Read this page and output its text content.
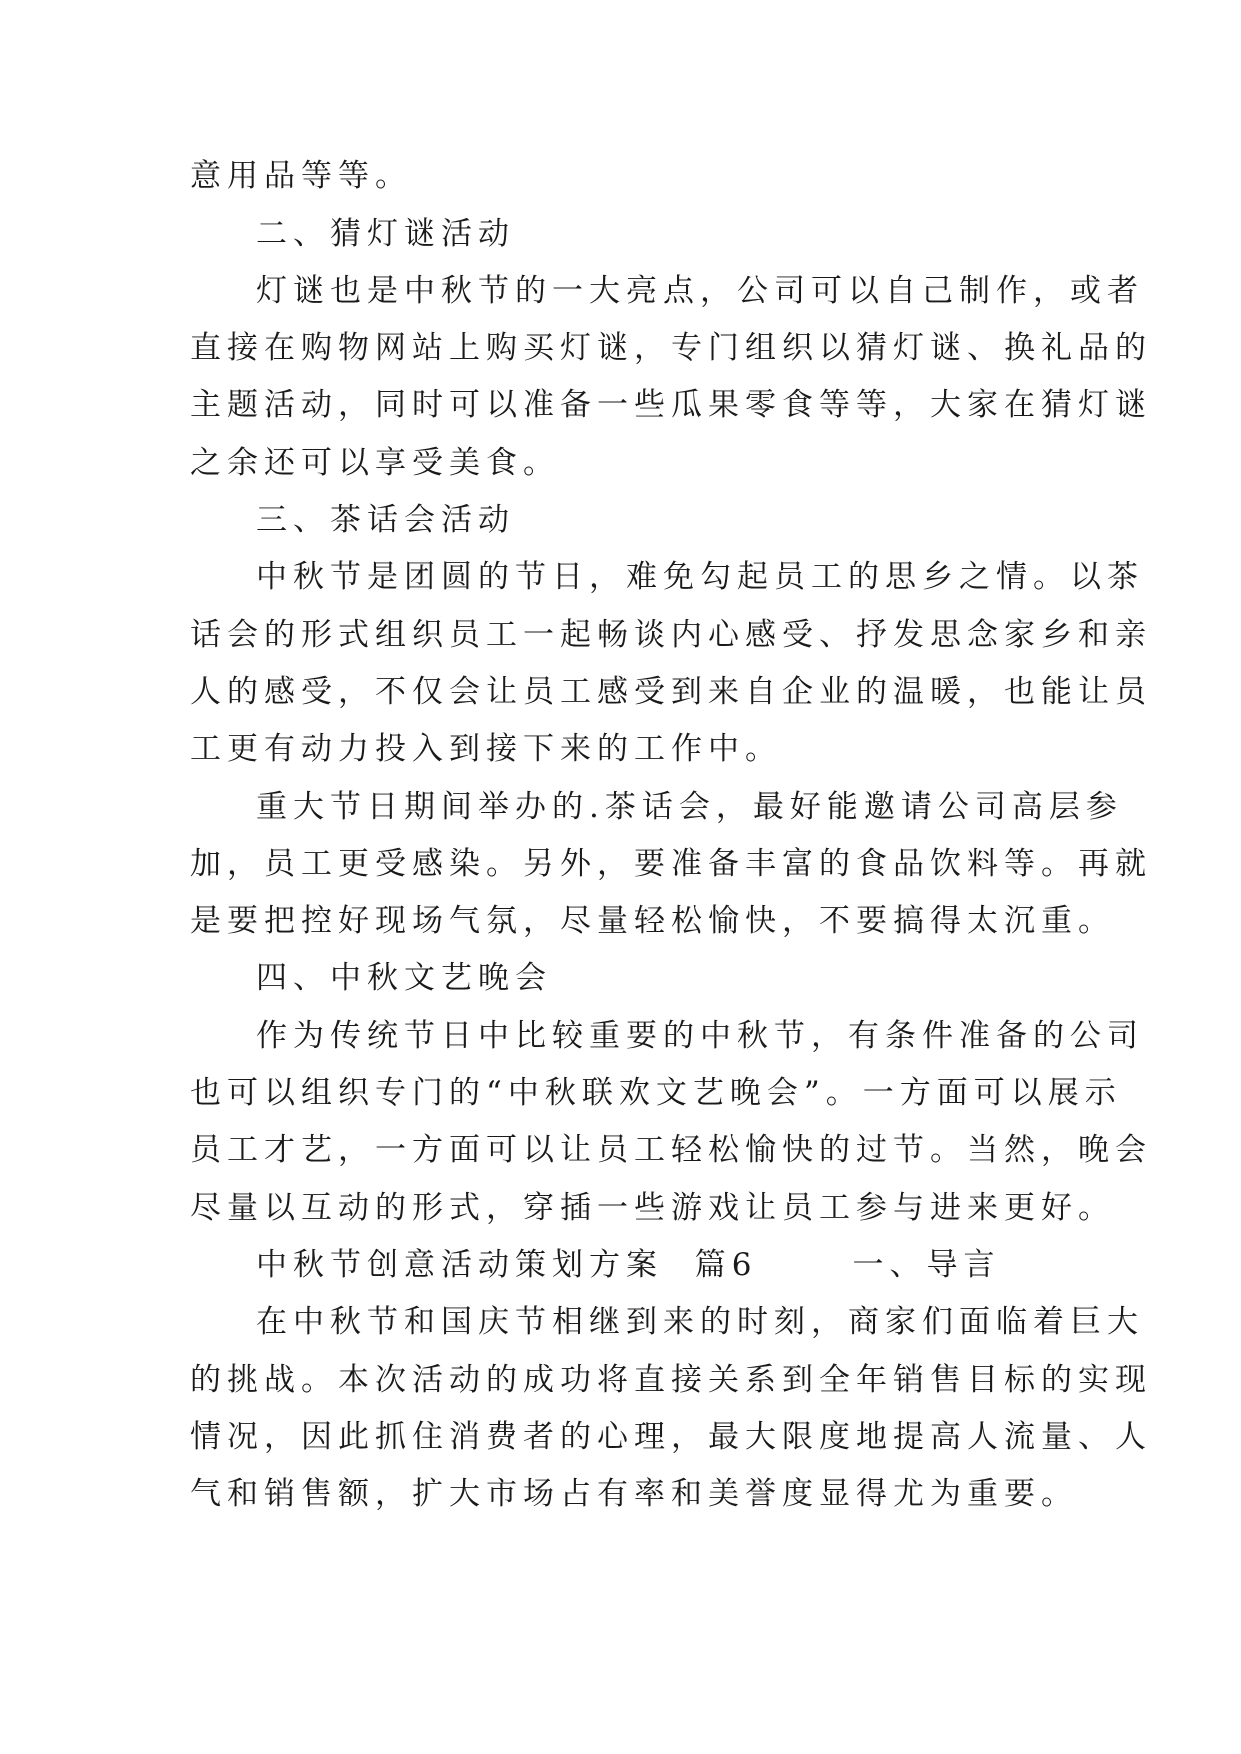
意用品等等。
二、猜灯谜活动
灯谜也是中秋节的一大亮点，公司可以自己制作，或者
直接在购物网站上购买灯谜，专门组织以猜灯谜、换礼品的
主题活动，同时可以准备一些瓜果零食等等，大家在猜灯谜
之余还可以享受美食。
三、茶话会活动
中秋节是团圆的节日，难免勾起员工的思乡之情。以茶
话会的形式组织员工一起畅谈内心感受、抒发思念家乡和亲
人的感受，不仅会让员工感受到来自企业的温暖，也能让员
工更有动力投入到接下来的工作中。
重大节日期间举办的.茶话会，最好能邀请公司高层参
加，员工更受感染。另外，要准备丰富的食品饮料等。再就
是要把控好现场气氛，尽量轻松愉快，不要搞得太沉重。
四、中秋文艺晚会
作为传统节日中比较重要的中秋节，有条件准备的公司
也可以组织专门的“中秋联欢文艺晚会”。一方面可以展示
员工才艺，一方面可以让员工轻松愉快的过节。当然，晚会
尽量以互动的形式，穿插一些游戏让员工参与进来更好。
中秋节创意活动策划方案  篇6      一、导言
在中秋节和国庆节相继到来的时刻，商家们面临着巨大
的挑战。本次活动的成功将直接关系到全年销售目标的实现
情况，因此抓住消费者的心理，最大限度地提高人流量、人
气和销售额，扩大市场占有率和美誉度显得尤为重要。
